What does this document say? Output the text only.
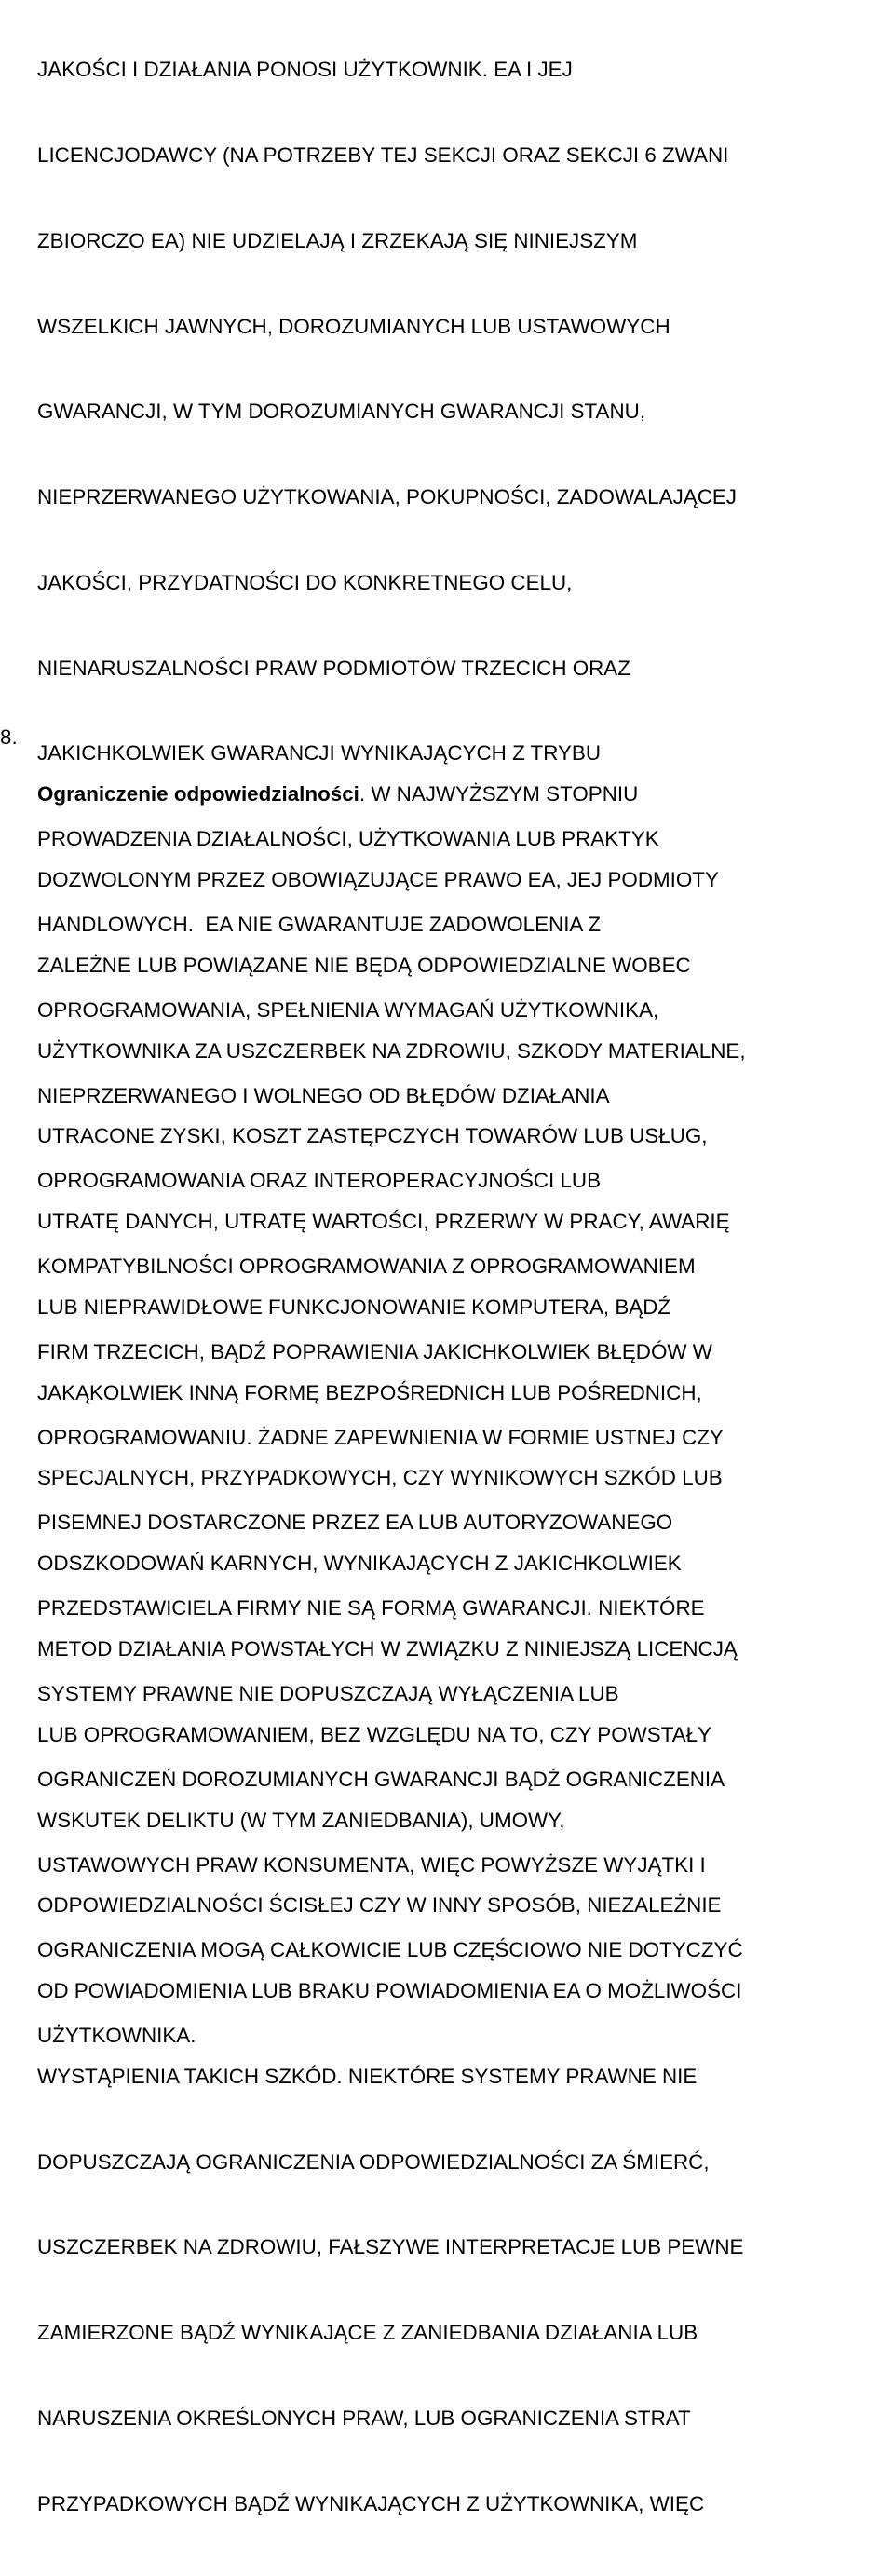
JAKOŚCI I DZIAŁANIA PONOSI UŻYTKOWNIK. EA I JEJ

LICENCJODAWCY (NA POTRZEBY TEJ SEKCJI ORAZ SEKCJI 6 ZWANI

ZBIORCZO EA) NIE UDZIELAJĄ I ZRZEKAJĄ SIĘ NINIEJSZYM

WSZELKICH JAWNYCH, DOROZUMIANYCH LUB USTAWOWYCH

GWARANCJI, W TYM DOROZUMIANYCH GWARANCJI STANU,

NIEPRZERWANEGO UŻYTKOWANIA, POKUPNOŚCI, ZADOWALAJĄCEJ

JAKOŚCI, PRZYDATNOŚCI DO KONKRETNEGO CELU,

NIENARUSZALNOŚCI PRAW PODMIOTÓW TRZECICH ORAZ

JAKICHKOLWIEK GWARANCJI WYNIKAJĄCYCH Z TRYBU

PROWADZENIA DZIAŁALNOŚCI, UŻYTKOWANIA LUB PRAKTYK

HANDLOWYCH.  EA NIE GWARANTUJE ZADOWOLENIA Z

OPROGRAMOWANIA, SPEŁNIENIA WYMAGAŃ UŻYTKOWNIKA,

NIEPRZERWANEGO I WOLNEGO OD BŁĘDÓW DZIAŁANIA

OPROGRAMOWANIA ORAZ INTEROPERACYJNOŚCI LUB

KOMPATYBILNOŚCI OPROGRAMOWANIA Z OPROGRAMOWANIEM

FIRM TRZECICH, BĄDŹ POPRAWIENIA JAKICHKOLWIEK BŁĘDÓW W

OPROGRAMOWANIU. ŻADNE ZAPEWNIENIA W FORMIE USTNEJ CZY

PISEMNEJ DOSTARCZONE PRZEZ EA LUB AUTORYZOWANEGO

PRZEDSTAWICIELA FIRMY NIE SĄ FORMĄ GWARANCJI. NIEKTÓRE

SYSTEMY PRAWNE NIE DOPUSZCZAJĄ WYŁĄCZENIA LUB

OGRANICZEŃ DOROZUMIANYCH GWARANCJI BĄDŹ OGRANICZENIA

USTAWOWYCH PRAW KONSUMENTA, WIĘC POWYŻSZE WYJĄTKI I

OGRANICZENIA MOGĄ CAŁKOWICIE LUB CZĘŚCIOWO NIE DOTYCZYĆ

UŻYTKOWNIKA.

8.

Ograniczenie odpowiedzialności. W NAJWYŻSZYM STOPNIU

DOZWOLONYM PRZEZ OBOWIĄZUJĄCE PRAWO EA, JEJ PODMIOTY

ZALEŻNE LUB POWIĄZANE NIE BĘDĄ ODPOWIEDZIALNE WOBEC

UŻYTKOWNIKA ZA USZCZERBEK NA ZDROWIU, SZKODY MATERIALNE,

UTRACONE ZYSKI, KOSZT ZASTĘPCZYCH TOWARÓW LUB USŁUG,

UTRATĘ DANYCH, UTRATĘ WARTOŚCI, PRZERWY W PRACY, AWARIĘ

LUB NIEPRAWIDŁOWE FUNKCJONOWANIE KOMPUTERA, BĄDŹ

JAKĄKOLWIEK INNĄ FORMĘ BEZPOŚREDNICH LUB POŚREDNICH,

SPECJALNYCH, PRZYPADKOWYCH, CZY WYNIKOWYCH SZKÓD LUB

ODSZKODOWAŃ KARNYCH, WYNIKAJĄCYCH Z JAKICHKOLWIEK

METOD DZIAŁANIA POWSTAŁYCH W ZWIĄZKU Z NINIEJSZĄ LICENCJĄ

LUB OPROGRAMOWANIEM, BEZ WZGLĘDU NA TO, CZY POWSTAŁY

WSKUTEK DELIKTU (W TYM ZANIEDBANIA), UMOWY,

ODPOWIEDZIALNOŚCI ŚCISŁEJ CZY W INNY SPOSÓB, NIEZALEŻNIE

OD POWIADOMIENIA LUB BRAKU POWIADOMIENIA EA O MOŻLIWOŚCI

WYSTĄPIENIA TAKICH SZKÓD. NIEKTÓRE SYSTEMY PRAWNE NIE

DOPUSZCZAJĄ OGRANICZENIA ODPOWIEDZIALNOŚCI ZA ŚMIERĆ,

USZCZERBEK NA ZDROWIU, FAŁSZYWE INTERPRETACJE LUB PEWNE

ZAMIERZONE BĄDŹ WYNIKAJĄCE Z ZANIEDBANIA DZIAŁANIA LUB

NARUSZENIA OKREŚLONYCH PRAW, LUB OGRANICZENIA STRAT

PRZYPADKOWYCH BĄDŹ WYNIKAJĄCYCH Z UŻYTKOWNIKA, WIĘC
